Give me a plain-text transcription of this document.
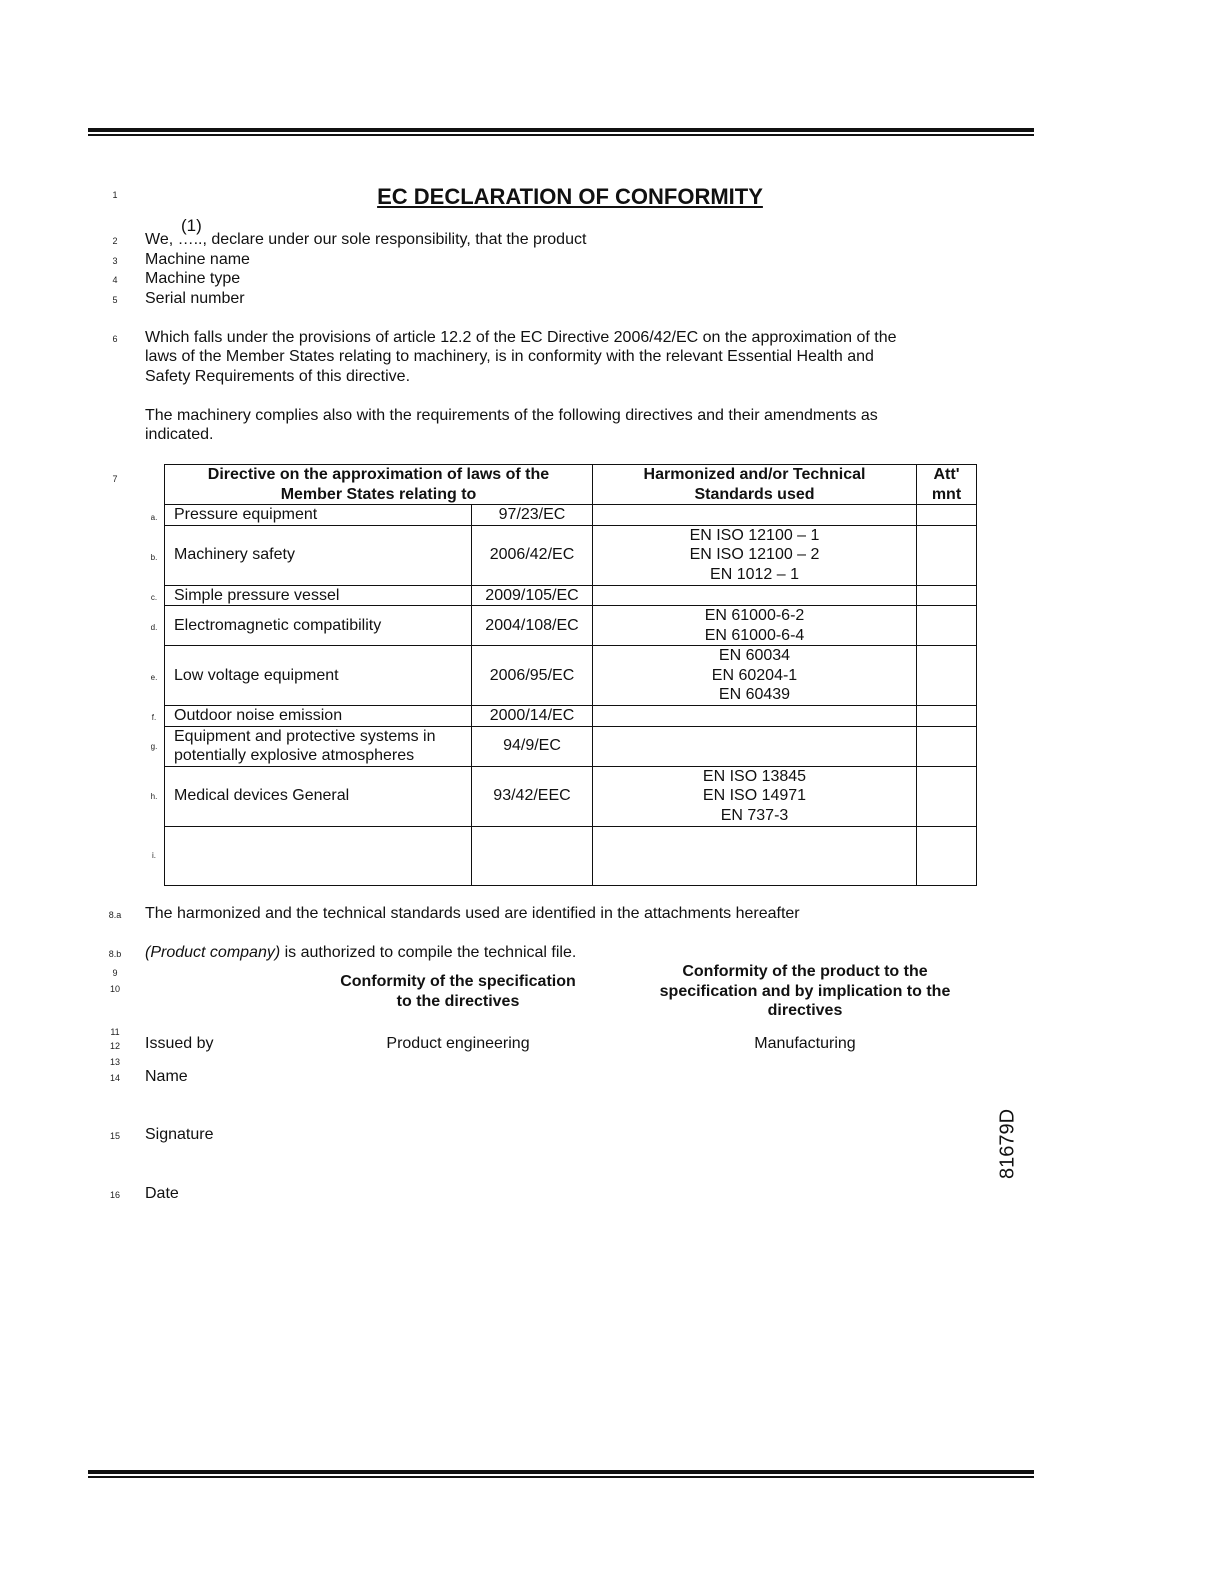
1
2
3
4
5
6
7
8.a
8.b
9
10
11
12
13
14
15
16
EC DECLARATION OF CONFORMITY
(1)
We, ….., declare under our sole responsibility, that the product
Machine name
Machine type
Serial number
Which falls under the provisions of article 12.2 of the EC Directive 2006/42/EC on the approximation of the
laws of the Member States relating to machinery, is in conformity with the relevant Essential Health and
Safety Requirements of this directive.
The machinery complies also with the requirements of the following directives and their amendments as
indicated.
a.
b.
c.
d.
e.
f.
g.
h.
i.
Directive on the approximation of laws of the Member States relating to		Harmonized and/or Technical Standards used	Att' mnt
Pressure equipment	97/23/EC		
Machinery safety	2006/42/EC	EN ISO 12100 – 1
EN ISO 12100 – 2
EN 1012 – 1	

Simple pressure vessel	2009/105/EC		
Electromagnetic compatibility	2004/108/EC	EN 61000-6-2
EN 61000-6-4	

Low voltage equipment	2006/95/EC	EN 60034
EN 60204-1
EN 60439	

Outdoor noise emission	2000/14/EC		

Equipment and protective systems in
potentially explosive atmospheres	94/9/EC		
Medical devices General	93/42/EEC	EN ISO 13845
EN ISO 14971
EN 737-3	

The harmonized and the technical standards used are identified in the attachments hereafter
(Product company) is authorized to compile the technical file.
Conformity of the specification
to the directives
Conformity of the product to the
specification and by implication to the
directives
Issued by	Product engineering	Manufacturing
Name
Signature
Date
81679D
